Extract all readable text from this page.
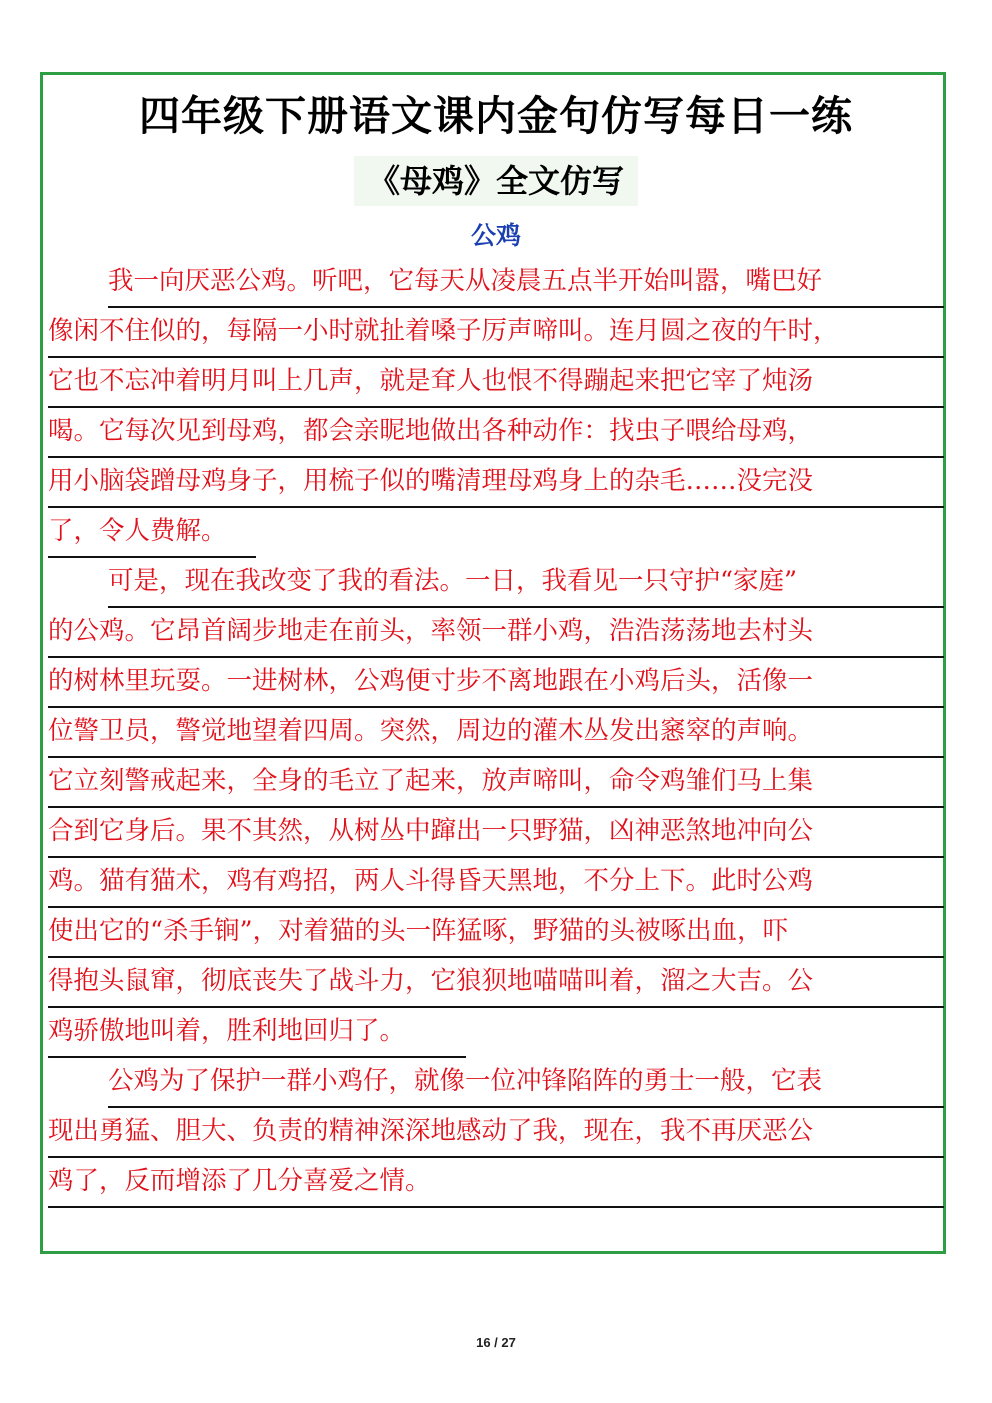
四年级下册语文课内金句仿写每日一练
《母鸡》全文仿写
公鸡
我一向厌恶公鸡。听吧，它每天从凌晨五点半开始叫嚣，嘴巴好
像闲不住似的，每隔一小时就扯着嗓子厉声啼叫。连月圆之夜的午时，
它也不忘冲着明月叫上几声，就是耷人也恨不得蹦起来把它宰了炖汤
喝。它每次见到母鸡，都会亲昵地做出各种动作：找虫子喂给母鸡，
用小脑袋蹭母鸡身子，用梳子似的嘴清理母鸡身上的杂毛……没完没
了，令人费解。
可是，现在我改变了我的看法。一日，我看见一只守护“家庭”
的公鸡。它昂首阔步地走在前头，率领一群小鸡，浩浩荡荡地去村头
的树林里玩耍。一进树林，公鸡便寸步不离地跟在小鸡后头，活像一
位警卫员，警觉地望着四周。突然，周边的灌木丛发出窸窣的声响。
它立刻警戒起来，全身的毛立了起来，放声啼叫，命令鸡雏们马上集
合到它身后。果不其然，从树丛中蹿出一只野猫，凶神恶煞地冲向公
鸡。猫有猫术，鸡有鸡招，两人斗得昏天黑地，不分上下。此时公鸡
使出它的“杀手锏”，对着猫的头一阵猛啄，野猫的头被啄出血，吓
得抱头鼠窜，彻底丧失了战斗力，它狼狈地喵喵叫着，溜之大吉。公
鸡骄傲地叫着，胜利地回归了。
公鸡为了保护一群小鸡仔，就像一位冲锋陷阵的勇士一般，它表
现出勇猛、胆大、负责的精神深深地感动了我，现在，我不再厌恶公
鸡了，反而增添了几分喜爱之情。
16 / 27
